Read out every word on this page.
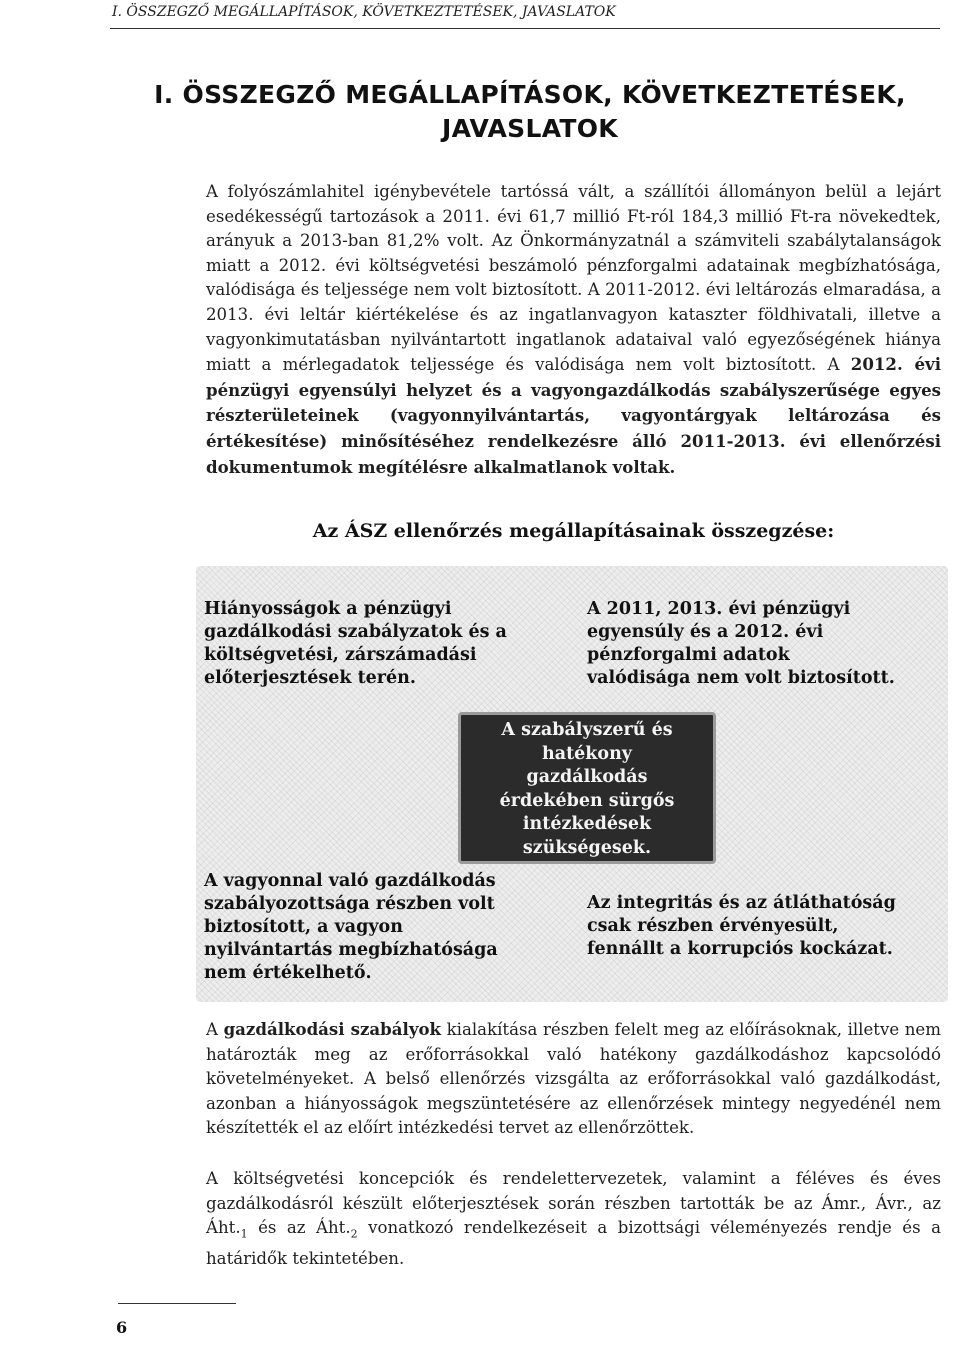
I. ÖSSZEGZŐ MEGÁLLAPÍTÁSOK, KÖVETKEZTETÉSEK, JAVASLATOK
I. ÖSSZEGZŐ MEGÁLLAPÍTÁSOK, KÖVETKEZTETÉSEK,
JAVASLATOK
A folyószámlahitel igénybevétele tartóssá vált, a szállítói állományon belül a lejárt esedékességű tartozások a 2011. évi 61,7 millió Ft-ról 184,3 millió Ft-ra növekedtek, arányuk a 2013-ban 81,2% volt. Az Önkormányzatnál a számviteli szabálytalanságok miatt a 2012. évi költségvetési beszámoló pénzforgalmi adatainak megbízhatósága, valódisága és teljessége nem volt biztosított. A 2011-2012. évi leltározás elmaradása, a 2013. évi leltár kiértékelése és az ingatlanvagyon kataszter földhivatali, illetve a vagyonkimutatásban nyilvántartott ingatlanok adataival való egyezőségének hiánya miatt a mérlegadatok teljessége és valódisága nem volt biztosított. A 2012. évi pénzügyi egyensúlyi helyzet és a vagyongazdálkodás szabályszerűsége egyes részterületeinek (vagyonnyilvántartás, vagyontárgyak leltározása és értékesítése) minősítéséhez rendelkezésre álló 2011-2013. évi ellenőrzési dokumentumok megítélésre alkalmatlanok voltak.
Az ÁSZ ellenőrzés megállapításainak összegzése:
Hiányosságok a pénzügyi
gazdálkodási szabályzatok és a
költségvetési, zárszámadási
előterjesztések terén.
A 2011, 2013. évi pénzügyi
egyensúly és a 2012. évi
pénzforgalmi adatok
valódisága nem volt biztosított.
A szabályszerű és
hatékony
gazdálkodás
érdekében sürgős
intézkedések
szükségesek.
A vagyonnal való gazdálkodás
szabályozottsága részben volt
biztosított, a vagyon
nyilvántartás megbízhatósága
nem értékelhető.
Az integritás és az átláthatóság
csak részben érvényesült,
fennállt a korrupciós kockázat.
A gazdálkodási szabályok kialakítása részben felelt meg az előírásoknak, illetve nem határozták meg az erőforrásokkal való hatékony gazdálkodáshoz kapcsolódó követelményeket. A belső ellenőrzés vizsgálta az erőforrásokkal való gazdálkodást, azonban a hiányosságok megszüntetésére az ellenőrzések mintegy negyedénél nem készítették el az előírt intézkedési tervet az ellenőrzöttek.
A költségvetési koncepciók és rendelettervezetek, valamint a féléves és éves gazdálkodásról készült előterjesztések során részben tartották be az Ámr., Ávr., az $Áht._1$ és az $Áht._2$ vonatkozó rendelkezéseit a bizottsági véleményezés rendje és a határidők tekintetében.
6
